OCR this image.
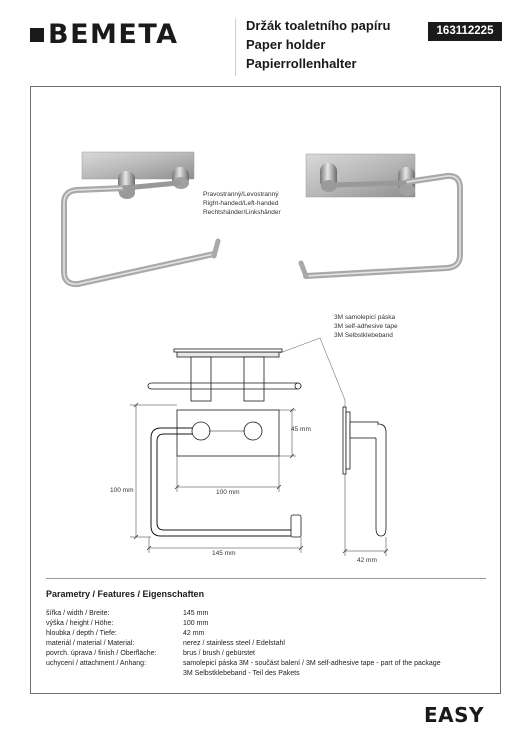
BEMETA	Držák toaletního papíru
Paper holder
Papierrollenhalter
163112225
Pravostranný/Levostranný
Right-handed/Left-handed
Rechtshänder/Linkshänder
3M samolepicí páska
3M self-adhesive tape
3M Selbstklebeband
100 mm
45 mm
100 mm
145 mm
42 mm
Parametry / Features / Eigenschaften
šířka / width / Breite:	145 mm
výška / height / Höhe:	100 mm
hloubka / depth / Tiefe:	42 mm
materiál / material / Material:	nerez / stainless steel / Edelstahl
povrch. úprava / finish / Oberfläche:	brus / brush / gebürstet
uchycení / attachment / Anhang:	samolepicí páska 3M - součást balení / 3M self-adhesive tape - part of the package
3M Selbstklebeband - Teil des Pakets
EASY
